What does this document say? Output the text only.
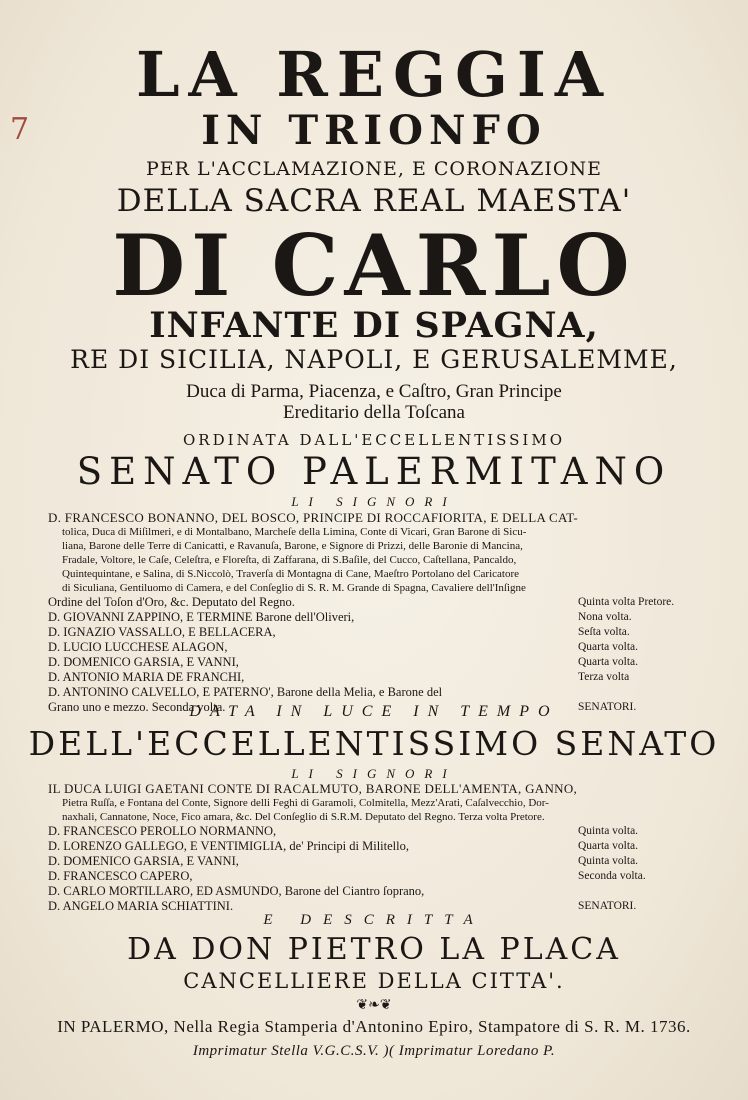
7
LA REGGIA
IN TRIONFO
PER L'ACCLAMAZIONE, E CORONAZIONE
DELLA SACRA REAL MAESTA'
DI CARLO
INFANTE DI SPAGNA,
RE DI SICILIA, NAPOLI, E GERUSALEMME,
Duca di Parma, Piacenza, e Caſtro, Gran Principe
Ereditario della Toſcana
ORDINATA DALL'ECCELLENTISSIMO
SENATO PALERMITANO
LI SIGNORI
D. FRANCESCO BONANNO, DEL BOSCO, PRINCIPE DI ROCCAFIORITA, E DELLA CAT-
tolica, Duca di Miſilmeri, e di Montalbano, Marcheſe della Limina, Conte di Vicari, Gran Barone di Sicu-
liana, Barone delle Terre di Canicattì, e Ravanuſa, Barone, e Signore di Prizzi, delle Baronie di Mancina,
Fradale, Voltore, le Caſe, Celeſtra, e Floreſta, di Zaffarana, di S.Baſile, del Cucco, Caſtellana, Pancaldo,
Quintequintane, e Salina, di S.Niccolò, Traverſa di Montagna di Cane, Maeſtro Portolano del Caricatore
di Siculiana, Gentiluomo di Camera, e del Conſeglio di S. R. M. Grande di Spagna, Cavaliere dell'Inſigne
Ordine del Toſon d'Oro, &c. Deputato del Regno.	Quinta volta Pretore.
D. GIOVANNI ZAPPINO, E TERMINE Barone dell'Oliveri,	Nona volta.
D. IGNAZIO VASSALLO, E BELLACERA,	Seſta volta.
D. LUCIO LUCCHESE ALAGON,	Quarta volta.
D. DOMENICO GARSIA, E VANNI,	Quarta volta.
D. ANTONIO MARIA DE FRANCHI,	Terza volta
D. ANTONINO CALVELLO, E PATERNO', Barone della Melia, e Barone del
Grano uno e mezzo. Seconda volta.	SENATORI.
DATA IN LUCE IN TEMPO
DELL'ECCELLENTISSIMO SENATO
LI SIGNORI
IL DUCA LUIGI GAETANI CONTE DI RACALMUTO, BARONE DELL'AMENTA, GANNO,
Pietra Ruſſa, e Fontana del Conte, Signore delli Feghi di Garamoli, Colmitella, Mezz'Arati, Caſalvecchio, Dor-
naxhali, Cannatone, Noce, Fico amara, &c. Del Conſeglio di S.R.M. Deputato del Regno. Terza volta Pretore.
D. FRANCESCO PEROLLO NORMANNO,	Quinta volta.
D. LORENZO GALLEGO, E VENTIMIGLIA, de' Principi di Militello,	Quarta volta.
D. DOMENICO GARSIA, E VANNI,	Quinta volta.
D. FRANCESCO CAPERO,	Seconda volta.
D. CARLO MORTILLARO, ED ASMUNDO, Barone del Ciantro ſoprano,
D. ANGELO MARIA SCHIATTINI.	SENATORI.
E DESCRITTA
DA DON PIETRO LA PLACA
CANCELLIERE DELLA CITTA'.
❦❧❦
IN PALERMO, Nella Regia Stamperia d'Antonino Epiro, Stampatore di S. R. M. 1736.
Imprimatur Stella V.G.C.S.V. )( Imprimatur Loredano P.
